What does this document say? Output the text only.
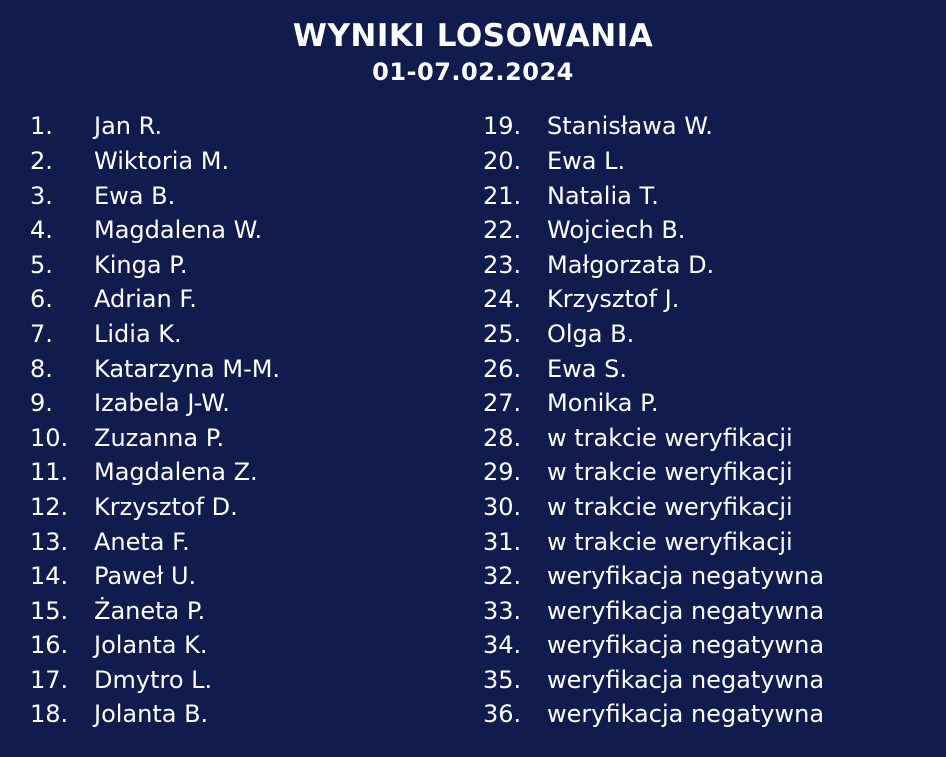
WYNIKI LOSOWANIA
01-07.02.2024
1.	Jan R.
2.	Wiktoria M.
3.	Ewa B.
4.	Magdalena W.
5.	Kinga P.
6.	Adrian F.
7.	Lidia K.
8.	Katarzyna M-M.
9.	Izabela J-W.
10.	Zuzanna P.
11.	Magdalena Z.
12.	Krzysztof D.
13.	Aneta F.
14.	Paweł U.
15.	Żaneta P.
16.	Jolanta K.
17.	Dmytro L.
18.	Jolanta B.
19.	Stanisława W.
20.	Ewa L.
21.	Natalia T.
22.	Wojciech B.
23.	Małgorzata D.
24.	Krzysztof J.
25.	Olga B.
26.	Ewa S.
27.	Monika P.
28.	w trakcie weryfikacji
29.	w trakcie weryfikacji
30.	w trakcie weryfikacji
31.	w trakcie weryfikacji
32.	weryfikacja negatywna
33.	weryfikacja negatywna
34.	weryfikacja negatywna
35.	weryfikacja negatywna
36.	weryfikacja negatywna
